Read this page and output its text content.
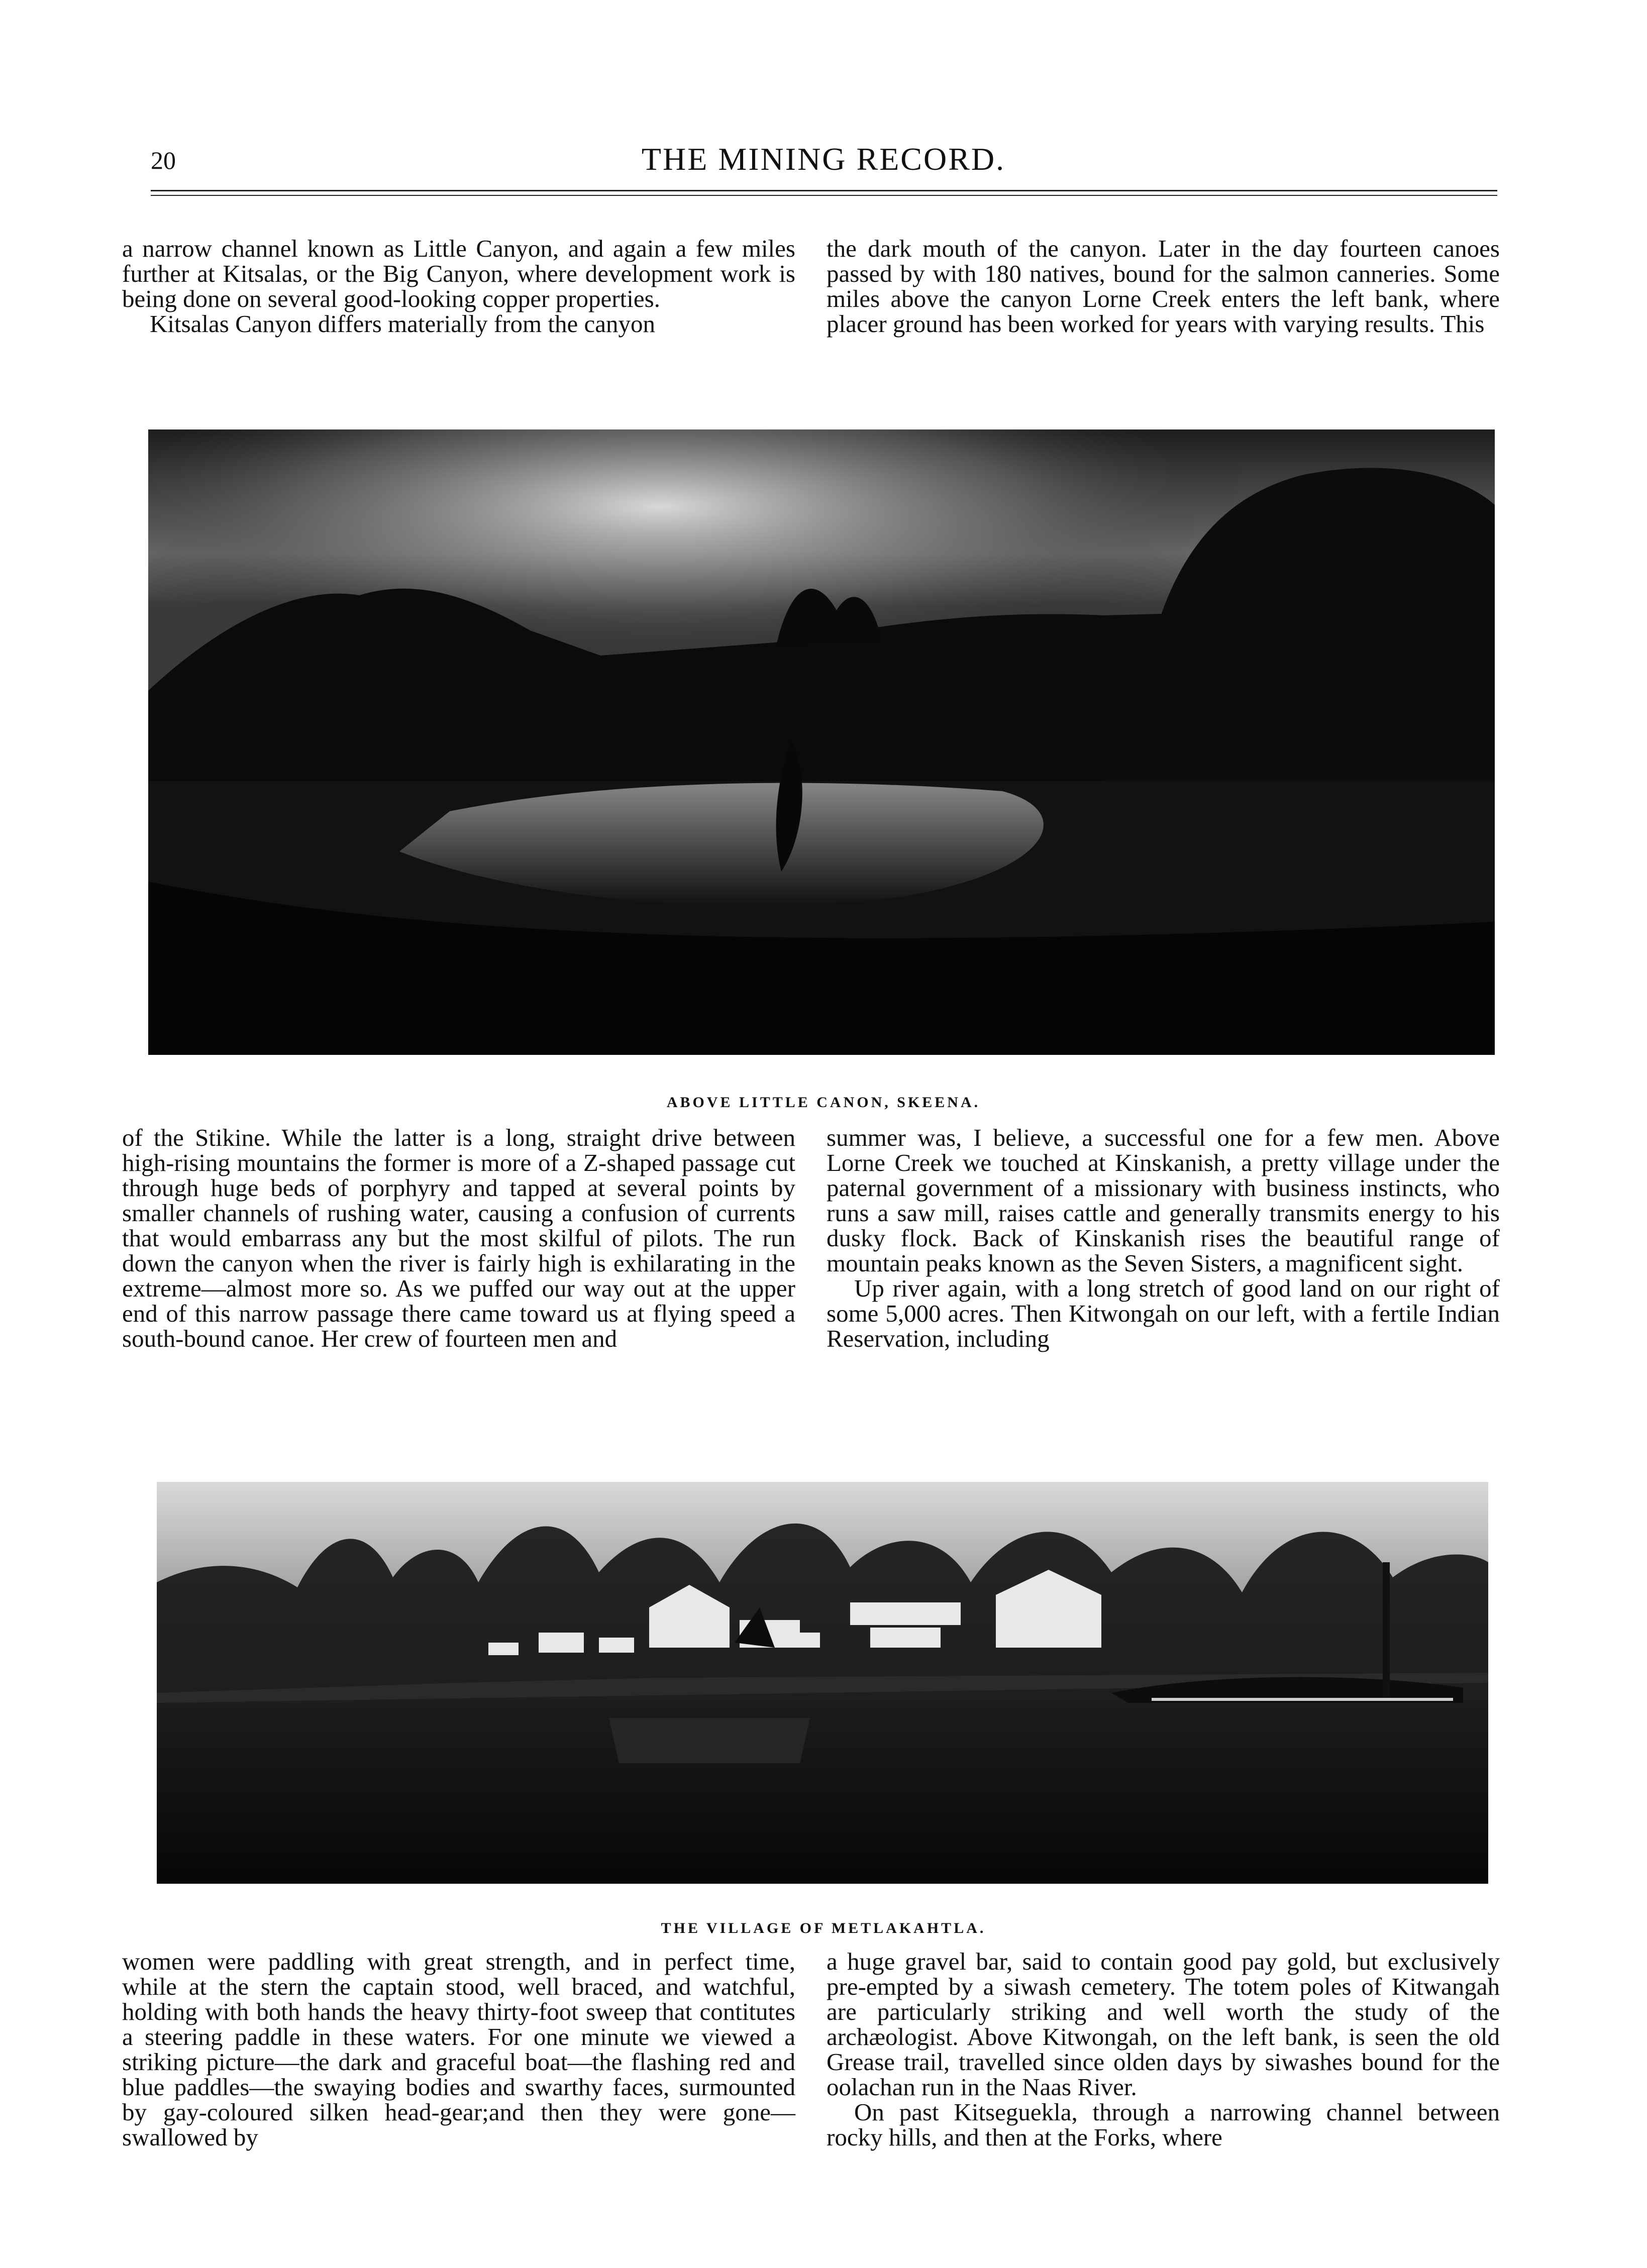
20	THE MINING RECORD.

a narrow channel known as Little Canyon, and again a few miles further at Kitsalas, or the Big Canyon, where development work is being done on several good-looking copper properties.

Kitsalas Canyon differs materially from the canyon

the dark mouth of the canyon. Later in the day fourteen canoes passed by with 180 natives, bound for the salmon canneries. Some miles above the canyon Lorne Creek enters the left bank, where placer ground has been worked for years with varying results. This

ABOVE LITTLE CANON, SKEENA.

of the Stikine. While the latter is a long, straight drive between high-rising mountains the former is more of a Z-shaped passage cut through huge beds of porphyry and tapped at several points by smaller channels of rushing water, causing a confusion of currents that would embarrass any but the most skilful of pilots. The run down the canyon when the river is fairly high is exhilarating in the extreme—almost more so. As we puffed our way out at the upper end of this narrow passage there came toward us at flying speed a south-bound canoe. Her crew of fourteen men and

summer was, I believe, a successful one for a few men. Above Lorne Creek we touched at Kinskanish, a pretty village under the paternal government of a missionary with business instincts, who runs a saw mill, raises cattle and generally transmits energy to his dusky flock. Back of Kinskanish rises the beautiful range of mountain peaks known as the Seven Sisters, a magnificent sight.

Up river again, with a long stretch of good land on our right of some 5,000 acres. Then Kitwongah on our left, with a fertile Indian Reservation, including

THE VILLAGE OF METLAKAHTLA.

women were paddling with great strength, and in perfect time, while at the stern the captain stood, well braced, and watchful, holding with both hands the heavy thirty-foot sweep that contitutes a steering paddle in these waters. For one minute we viewed a striking picture—the dark and graceful boat—the flashing red and blue paddles—the swaying bodies and swarthy faces, surmounted by gay-coloured silken head-gear;and then they were gone—swallowed by

a huge gravel bar, said to contain good pay gold, but exclusively pre-empted by a siwash cemetery. The totem poles of Kitwangah are particularly striking and well worth the study of the archæologist. Above Kitwongah, on the left bank, is seen the old Grease trail, travelled since olden days by siwashes bound for the oolachan run in the Naas River.

On past Kitseguekla, through a narrowing channel between rocky hills, and then at the Forks, where
